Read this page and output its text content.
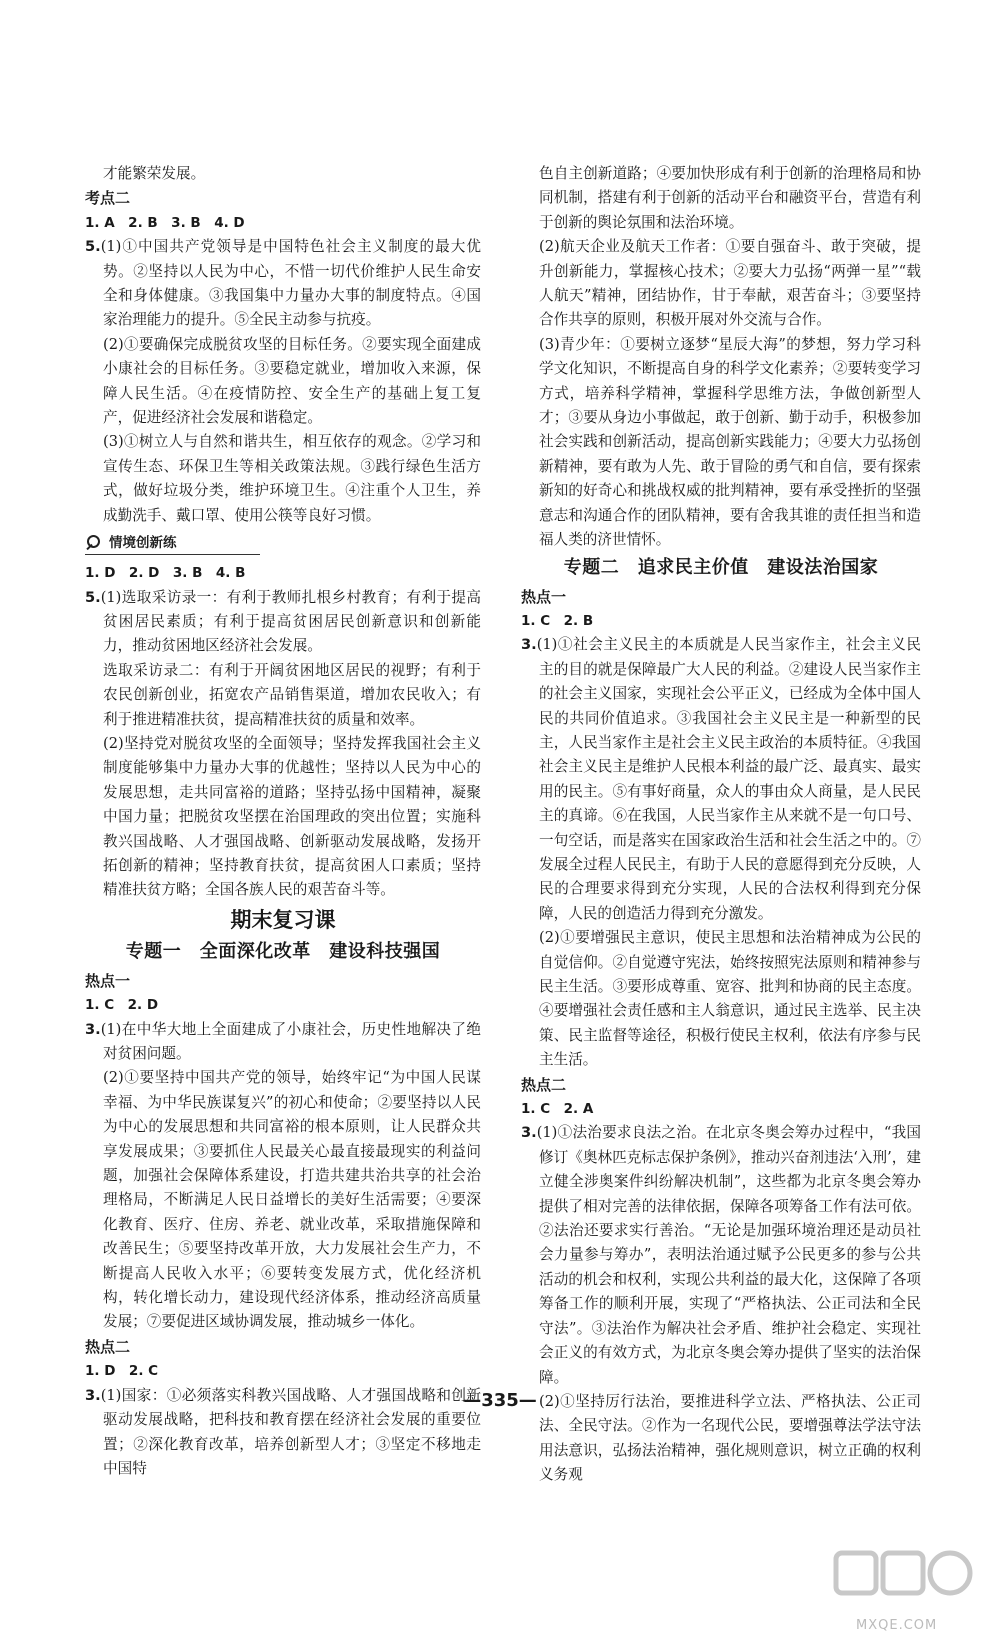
才能繁荣发展。

考点二

1. A　2. B　3. B　4. D

5.(1)①中国共产党领导是中国特色社会主义制度的最大优势。②坚持以人民为中心，不惜一切代价维护人民生命安全和身体健康。③我国集中力量办大事的制度特点。④国家治理能力的提升。⑤全民主动参与抗疫。

(2)①要确保完成脱贫攻坚的目标任务。②要实现全面建成小康社会的目标任务。③要稳定就业，增加收入来源，保障人民生活。④在疫情防控、安全生产的基础上复工复产，促进经济社会发展和谐稳定。

(3)①树立人与自然和谐共生，相互依存的观念。②学习和宣传生态、环保卫生等相关政策法规。③践行绿色生活方式，做好垃圾分类，维护环境卫生。④注重个人卫生，养成勤洗手、戴口罩、使用公筷等良好习惯。

情境创新练

1. D　2. D　3. B　4. B

5.(1)选取采访录一：有利于教师扎根乡村教育；有利于提高贫困居民素质；有利于提高贫困居民创新意识和创新能力，推动贫困地区经济社会发展。

选取采访录二：有利于开阔贫困地区居民的视野；有利于农民创新创业，拓宽农产品销售渠道，增加农民收入；有利于推进精准扶贫，提高精准扶贫的质量和效率。

(2)坚持党对脱贫攻坚的全面领导；坚持发挥我国社会主义制度能够集中力量办大事的优越性；坚持以人民为中心的发展思想，走共同富裕的道路；坚持弘扬中国精神，凝聚中国力量；把脱贫攻坚摆在治国理政的突出位置；实施科教兴国战略、人才强国战略、创新驱动发展战略，发扬开拓创新的精神；坚持教育扶贫，提高贫困人口素质；坚持精准扶贫方略；全国各族人民的艰苦奋斗等。

期末复习课
专题一　全面深化改革　建设科技强国

热点一

1. C　2. D

3.(1)在中华大地上全面建成了小康社会，历史性地解决了绝对贫困问题。

(2)①要坚持中国共产党的领导，始终牢记“为中国人民谋幸福、为中华民族谋复兴”的初心和使命；②要坚持以人民为中心的发展思想和共同富裕的根本原则，让人民群众共享发展成果；③要抓住人民最关心最直接最现实的利益问题，加强社会保障体系建设，打造共建共治共享的社会治理格局，不断满足人民日益增长的美好生活需要；④要深化教育、医疗、住房、养老、就业改革，采取措施保障和改善民生；⑤要坚持改革开放，大力发展社会生产力，不断提高人民收入水平；⑥要转变发展方式，优化经济机构，转化增长动力，建设现代经济体系，推动经济高质量发展；⑦要促进区域协调发展，推动城乡一体化。

热点二

1. D　2. C

3.(1)国家：①必须落实科教兴国战略、人才强国战略和创新驱动发展战略，把科技和教育摆在经济社会发展的重要位置；②深化教育改革，培养创新型人才；③坚定不移地走中国特

色自主创新道路；④要加快形成有利于创新的治理格局和协同机制，搭建有利于创新的活动平台和融资平台，营造有利于创新的舆论氛围和法治环境。

(2)航天企业及航天工作者：①要自强奋斗、敢于突破，提升创新能力，掌握核心技术；②要大力弘扬“两弹一星”“载人航天”精神，团结协作，甘于奉献，艰苦奋斗；③要坚持合作共享的原则，积极开展对外交流与合作。

(3)青少年：①要树立逐梦“星辰大海”的梦想，努力学习科学文化知识，不断提高自身的科学文化素养；②要转变学习方式，培养科学精神，掌握科学思维方法，争做创新型人才；③要从身边小事做起，敢于创新、勤于动手，积极参加社会实践和创新活动，提高创新实践能力；④要大力弘扬创新精神，要有敢为人先、敢于冒险的勇气和自信，要有探索新知的好奇心和挑战权威的批判精神，要有承受挫折的坚强意志和沟通合作的团队精神，要有舍我其谁的责任担当和造福人类的济世情怀。

专题二　追求民主价值　建设法治国家

热点一

1. C　2. B

3.(1)①社会主义民主的本质就是人民当家作主，社会主义民主的目的就是保障最广大人民的利益。②建设人民当家作主的社会主义国家，实现社会公平正义，已经成为全体中国人民的共同价值追求。③我国社会主义民主是一种新型的民主，人民当家作主是社会主义民主政治的本质特征。④我国社会主义民主是维护人民根本利益的最广泛、最真实、最实用的民主。⑤有事好商量，众人的事由众人商量，是人民民主的真谛。⑥在我国，人民当家作主从来就不是一句口号、一句空话，而是落实在国家政治生活和社会生活之中的。⑦发展全过程人民民主，有助于人民的意愿得到充分反映，人民的合理要求得到充分实现，人民的合法权利得到充分保障，人民的创造活力得到充分激发。

(2)①要增强民主意识，使民主思想和法治精神成为公民的自觉信仰。②自觉遵守宪法，始终按照宪法原则和精神参与民主生活。③要形成尊重、宽容、批判和协商的民主态度。④要增强社会责任感和主人翁意识，通过民主选举、民主决策、民主监督等途径，积极行使民主权利，依法有序参与民主生活。

热点二

1. C　2. A

3.(1)①法治要求良法之治。在北京冬奥会筹办过程中，“我国修订《奥林匹克标志保护条例》，推动兴奋剂违法‘入刑’，建立健全涉奥案件纠纷解决机制”，这些都为北京冬奥会筹办提供了相对完善的法律依据，保障各项筹备工作有法可依。②法治还要求实行善治。“无论是加强环境治理还是动员社会力量参与筹办”，表明法治通过赋予公民更多的参与公共活动的机会和权利，实现公共利益的最大化，这保障了各项筹备工作的顺利开展，实现了“严格执法、公正司法和全民守法”。③法治作为解决社会矛盾、维护社会稳定、实现社会正义的有效方式，为北京冬奥会筹办提供了坚实的法治保障。

(2)①坚持厉行法治，要推进科学立法、严格执法、公正司法、全民守法。②作为一名现代公民，要增强尊法学法守法用法意识，弘扬法治精神，强化规则意识，树立正确的权利义务观

—335—
MXQE.COM
